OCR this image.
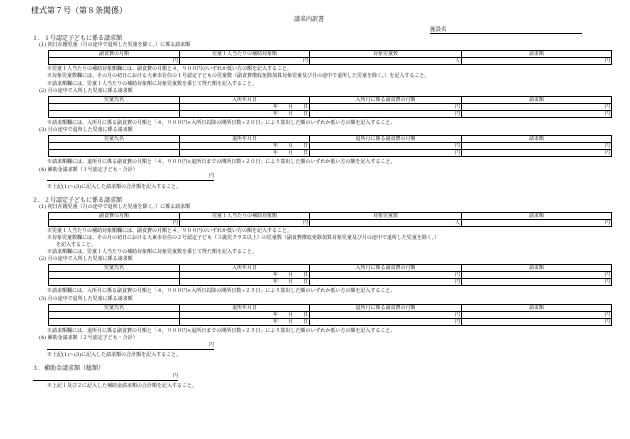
様式第７号（第８条関係）
請求内訳書
施設名
１．１号認定子どもに係る請求額
(1) 初日在籍児童（月の途中で退所した児童を除く。）に係る請求額
副食費の月額	児童１人当たりの補助対象額	対象児童数	請求額
円	円	人	円
※児童１人当たりの補助対象額欄には、副食費の月額と４，９００円のいずれか低い方の額を記入すること。
※対象児童数欄には、その月の初日における大東市在住の１号認定子どもの児童数（副食費徴収免除加算対象児童及び月の途中で退所した児童を除く。）を記入すること。
※請求額欄には、児童１人当たりの補助対象額に対象児童数を乗じて得た額を記入すること。
(2) 月の途中で入所した児童に係る請求額
児童氏名	入所年月日	入所月に係る副食費の月額	請求額
	年   月   日	円	円
	年   月   日	円	円
※請求額欄には、入所月に係る副食費の月額と「４，９００円×入所日以降の開所日数÷２０日」により算出した額のいずれか低い方の額を記入すること。
(3) 月の途中で退所した児童に係る請求額
児童氏名	退所年月日	退所月に係る副食費の月額	請求額
	年   月   日	円	円
	年   月   日	円	円
※請求額欄には、退所月に係る副食費の月額と「４，９００円×退所日までの開所日数÷２０日」により算出した額のいずれか低い方の額を記入すること。
(4) 補助金請求額（１号認定子ども・合計）
円
※上記(1)～(3)に記入した請求額の合計額を記入すること。
２．２号認定子どもに係る請求額
(1) 初日在籍児童（月の途中で退所した児童を除く。）に係る請求額
副食費の月額	児童１人当たりの補助対象額	対象児童数	請求額
円	円	人	円
※児童１人当たりの補助対象額欄には、副食費の月額と４，９００円のいずれか低い方の額を記入すること。
※対象児童数欄には、その月の初日における大東市在住の２号認定子ども（３歳児クラス以上）の児童数（副食費徴収免除加算対象児童及び月の途中で退所した児童を除く。）
を記入すること。
※請求額欄には、児童１人当たりの補助対象額に対象児童数を乗じて得た額を記入すること。
(2) 月の途中で入所した児童に係る請求額
児童氏名	入所年月日	入所月に係る副食費の月額	請求額
	年   月   日	円	円
	年   月   日	円	円
※請求額欄には、入所月に係る副食費の月額と「４，９００円×入所日以降の開所日数÷２５日」により算出した額のいずれか低い方の額を記入すること。
(3) 月の途中で退所した児童に係る請求額
児童氏名	退所年月日	退所月に係る副食費の月額	請求額
	年   月   日	円	円
	年   月   日	円	円
※請求額欄には、退所月に係る副食費の月額と「４，９００円×退所日までの開所日数÷２５日」により算出した額のいずれか低い方の額を記入すること。
(4) 補助金請求額（２号認定子ども・合計）
円
※上記(1)～(3)に記入した請求額の合計額を記入すること。
３．補助金請求額（総額）
円
※上記１及び２に記入した補助金請求額の合計額を記入すること。
